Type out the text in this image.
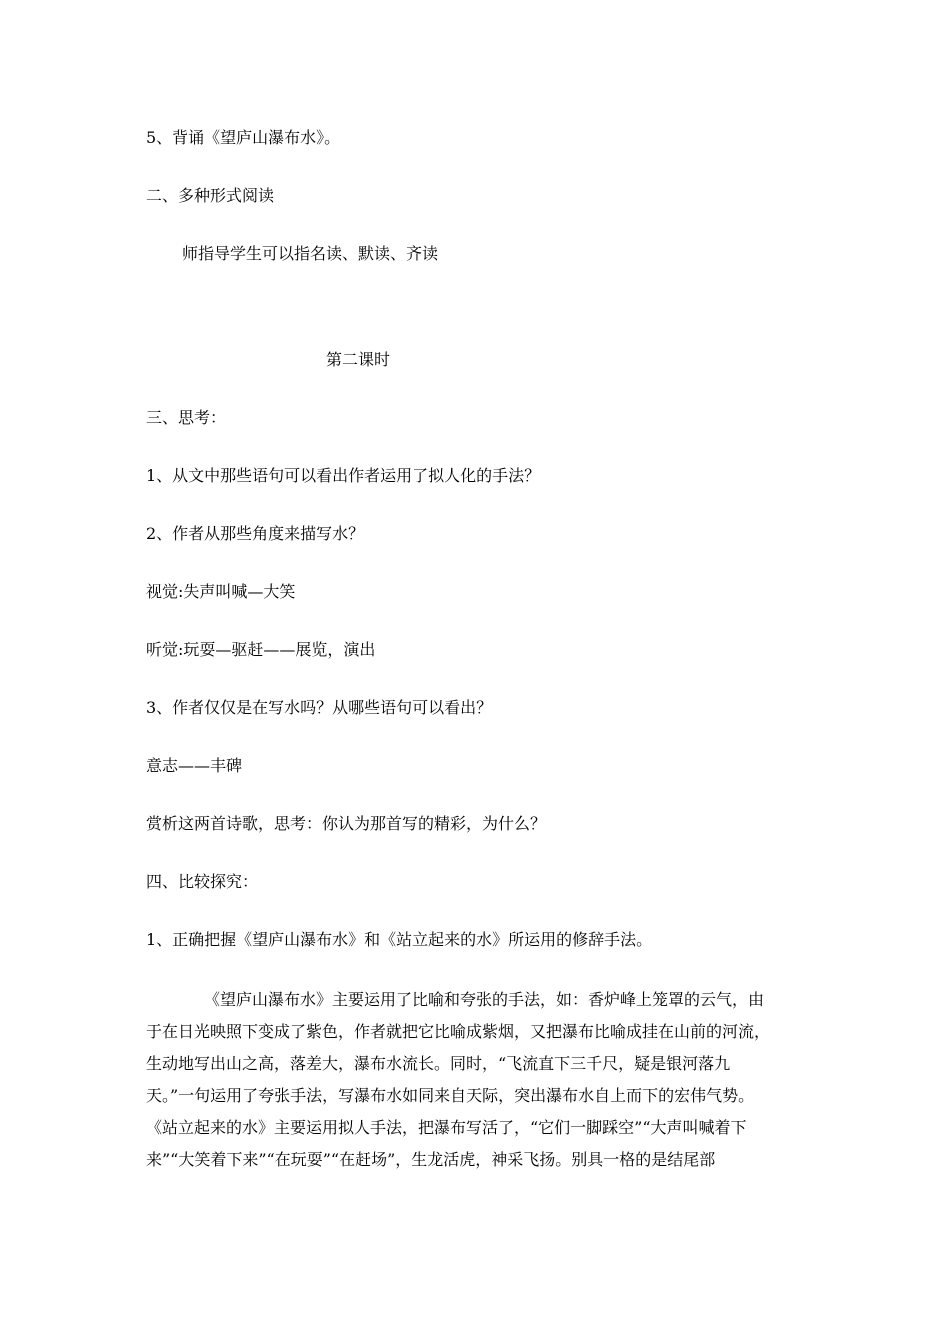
5、背诵《望庐山瀑布水》。
二、多种形式阅读
师指导学生可以指名读、默读、齐读
第二课时
三、思考：
1、从文中那些语句可以看出作者运用了拟人化的手法？
2、作者从那些角度来描写水？
视觉:失声叫喊—大笑
听觉:玩耍—驱赶——展览，演出
3、作者仅仅是在写水吗？从哪些语句可以看出？
意志——丰碑
赏析这两首诗歌，思考：你认为那首写的精彩，为什么？
四、比较探究：
1、正确把握《望庐山瀑布水》和《站立起来的水》所运用的修辞手法。

《望庐山瀑布水》主要运用了比喻和夸张的手法，如：香炉峰上笼罩的云气，由

于在日光映照下变成了紫色，作者就把它比喻成紫烟，又把瀑布比喻成挂在山前的河流，

生动地写出山之高，落差大，瀑布水流长。同时，“飞流直下三千尺，疑是银河落九

天。”一句运用了夸张手法，写瀑布水如同来自天际，突出瀑布水自上而下的宏伟气势。

《站立起来的水》主要运用拟人手法，把瀑布写活了，“它们一脚踩空”“大声叫喊着下

来”“大笑着下来”“在玩耍”“在赶场”，生龙活虎，神采飞扬。别具一格的是结尾部
